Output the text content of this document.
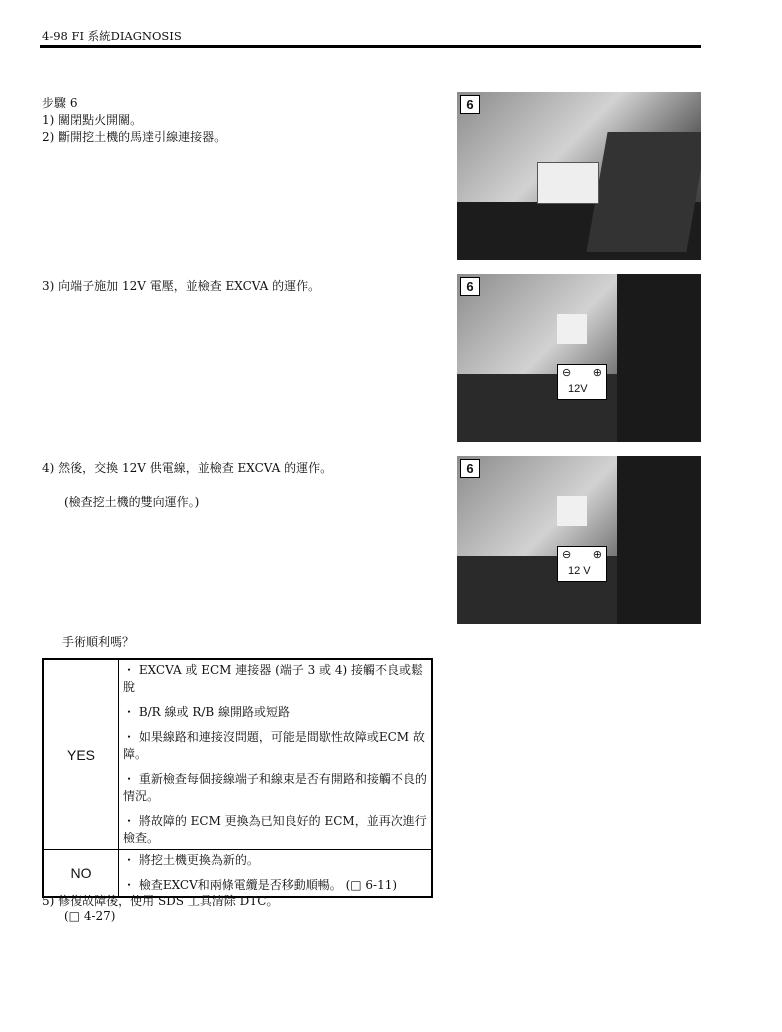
4-98 FI 系統DIAGNOSIS
步驟 6
1) 關閉點火開關。
2) 斷開挖土機的馬達引線連接器。
3) 向端子施加 12V 電壓，並檢查 EXCVA 的運作。
4) 然後，交換 12V 供電線，並檢查 EXCVA 的運作。
(檢查挖土機的雙向運作。)
手術順利嗎？
6
6
⊖ ⊕
12V
6
⊖ ⊕
12 V
YES	・ EXCVA 或 ECM 連接器 (端子 3 或 4) 接觸不良或鬆脫

・ B/R 線或 R/B 線開路或短路

・ 如果線路和連接沒問題，可能是間歇性故障或ECM 故障。

・ 重新檢查每個接線端子和線束是否有開路和接觸不良的情況。

・ 將故障的 ECM 更換為已知良好的 ECM，並再次進行檢查。

NO	・ 將挖土機更換為新的。

・ 檢查EXCV和兩條電纜是否移動順暢。 (□ 6-11)

5) 修復故障後，使用 SDS 工具清除 DTC。
(□ 4-27)
